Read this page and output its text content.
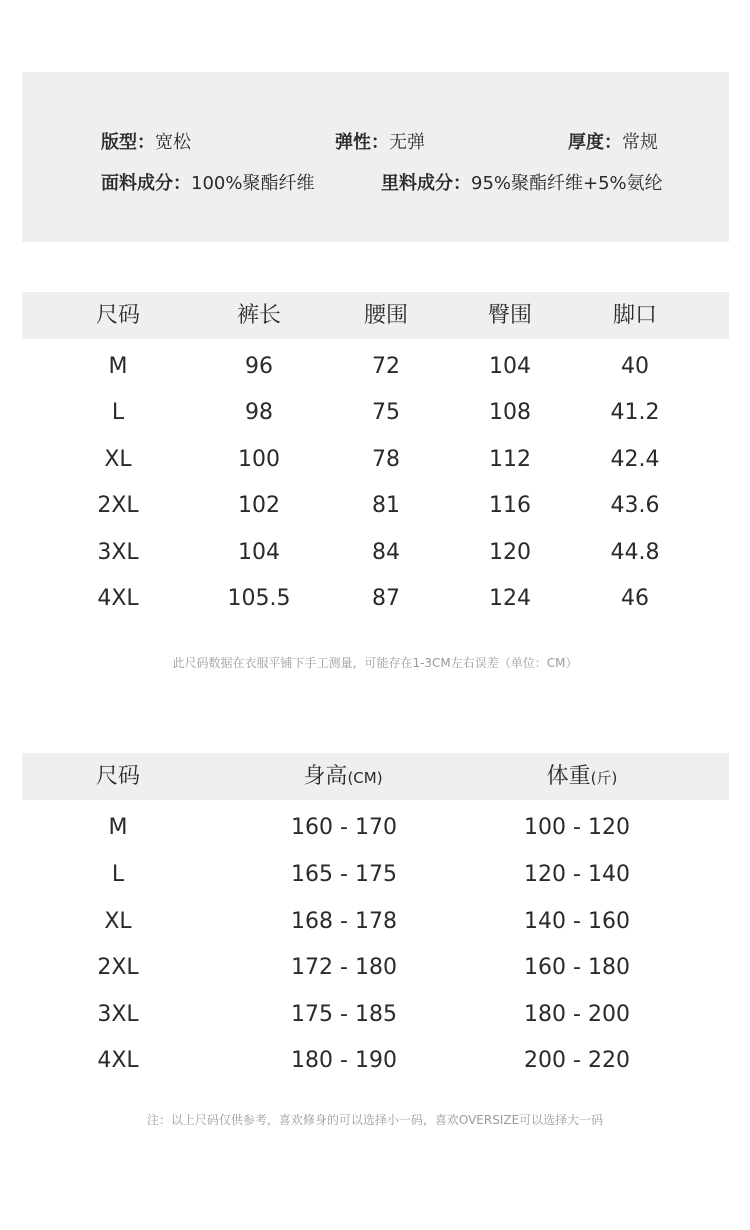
版型：宽松	弹性：无弹	厚度：常规
面料成分：100%聚酯纤维	里料成分：95%聚酯纤维+5%氨纶
尺码	裤长	腰围	臀围	脚口
M	96	72	104	40
L	98	75	108	41.2
XL	100	78	112	42.4
2XL	102	81	116	43.6
3XL	104	84	120	44.8
4XL	105.5	87	124	46
此尺码数据在衣服平铺下手工测量，可能存在1-3CM左右误差（单位：CM）
尺码	身高(CM)	体重(斤)
M	160 - 170	100 - 120
L	165 - 175	120 - 140
XL	168 - 178	140 - 160
2XL	172 - 180	160 - 180
3XL	175 - 185	180 - 200
4XL	180 - 190	200 - 220
注：以上尺码仅供参考，喜欢修身的可以选择小一码，喜欢OVERSIZE可以选择大一码
